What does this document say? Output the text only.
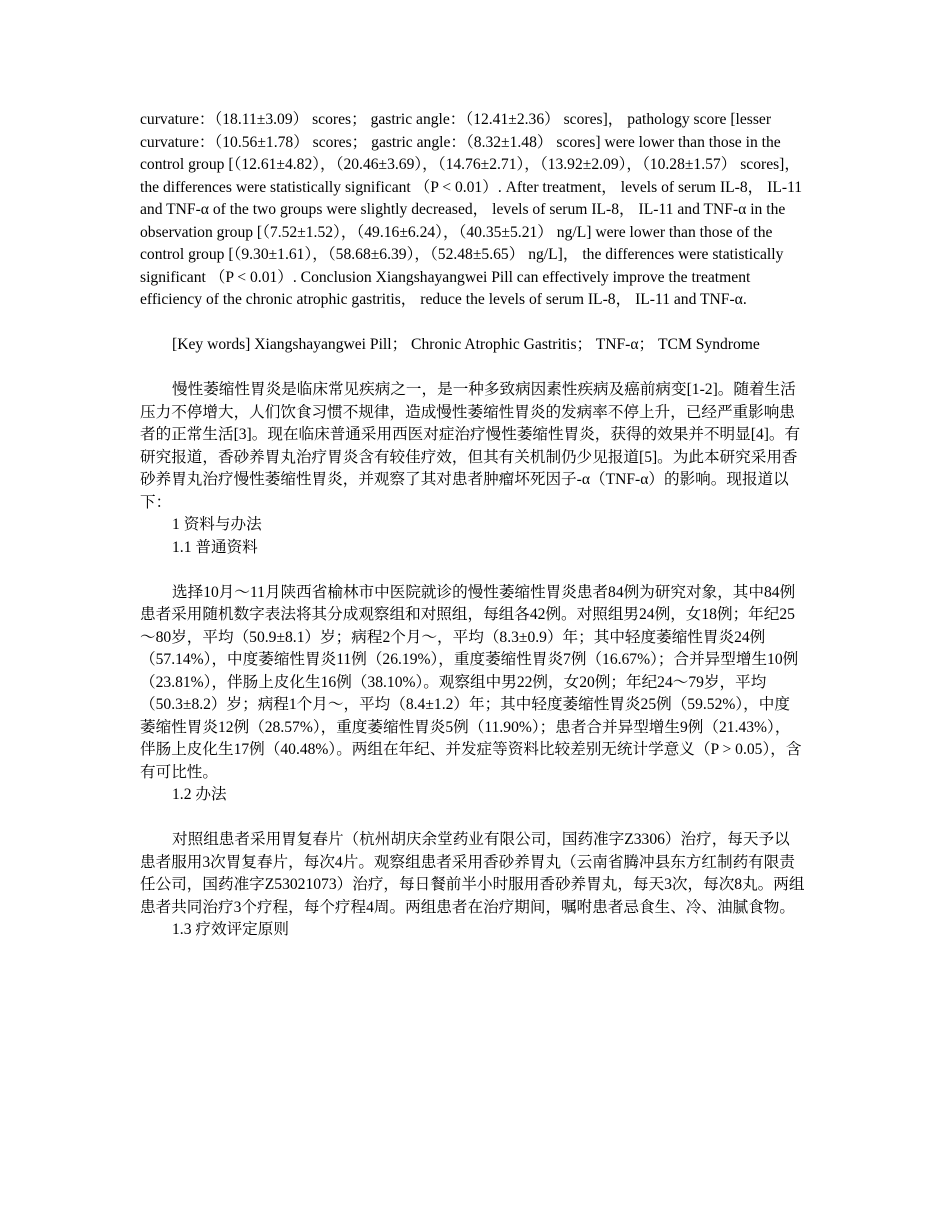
curvature：（18.11±3.09） scores； gastric angle：（12.41±2.36） scores]， pathology score [lesser curvature：（10.56±1.78） scores； gastric angle：（8.32±1.48） scores] were lower than those in the control group [（12.61±4.82），（20.46±3.69），（14.76±2.71），（13.92±2.09），（10.28±1.57） scores]， the differences were statistically significant （P < 0.01）. After treatment， levels of serum IL-8， IL-11 and TNF-α of the two groups were slightly decreased， levels of serum IL-8， IL-11 and TNF-α in the observation group [（7.52±1.52），（49.16±6.24），（40.35±5.21） ng/L] were lower than those of the control group [（9.30±1.61），（58.68±6.39），（52.48±5.65） ng/L]， the differences were statistically significant （P < 0.01）. Conclusion Xiangshayangwei Pill can effectively improve the treatment efficiency of the chronic atrophic gastritis， reduce the levels of serum IL-8， IL-11 and TNF-α.

[Key words] Xiangshayangwei Pill； Chronic Atrophic Gastritis； TNF-α； TCM Syndrome

慢性萎缩性胃炎是临床常见疾病之一，是一种多致病因素性疾病及癌前病变[1-2]。随着生活压力不停增大，人们饮食习惯不规律，造成慢性萎缩性胃炎的发病率不停上升，已经严重影响患者的正常生活[3]。现在临床普通采用西医对症治疗慢性萎缩性胃炎，获得的效果并不明显[4]。有研究报道，香砂养胃丸治疗胃炎含有较佳疗效，但其有关机制仍少见报道[5]。为此本研究采用香砂养胃丸治疗慢性萎缩性胃炎，并观察了其对患者肿瘤坏死因子-α（TNF-α）的影响。现报道以下：

1 资料与办法

1.1 普通资料

选择10月～11月陕西省榆林市中医院就诊的慢性萎缩性胃炎患者84例为研究对象，其中84例患者采用随机数字表法将其分成观察组和对照组，每组各42例。对照组男24例，女18例；年纪25～80岁，平均（50.9±8.1）岁；病程2个月～，平均（8.3±0.9）年；其中轻度萎缩性胃炎24例（57.14%），中度萎缩性胃炎11例（26.19%），重度萎缩性胃炎7例（16.67%）；合并异型增生10例（23.81%），伴肠上皮化生16例（38.10%）。观察组中男22例，女20例；年纪24～79岁，平均（50.3±8.2）岁；病程1个月～，平均（8.4±1.2）年；其中轻度萎缩性胃炎25例（59.52%），中度萎缩性胃炎12例（28.57%），重度萎缩性胃炎5例（11.90%）；患者合并异型增生9例（21.43%），伴肠上皮化生17例（40.48%）。两组在年纪、并发症等资料比较差别无统计学意义（P > 0.05），含有可比性。

1.2 办法

对照组患者采用胃复春片（杭州胡庆余堂药业有限公司，国药准字Z3306）治疗，每天予以患者服用3次胃复春片，每次4片。观察组患者采用香砂养胃丸（云南省腾冲县东方红制药有限责任公司，国药准字Z53021073）治疗，每日餐前半小时服用香砂养胃丸，每天3次，每次8丸。两组患者共同治疗3个疗程，每个疗程4周。两组患者在治疗期间，嘱咐患者忌食生、冷、油腻食物。

1.3 疗效评定原则
